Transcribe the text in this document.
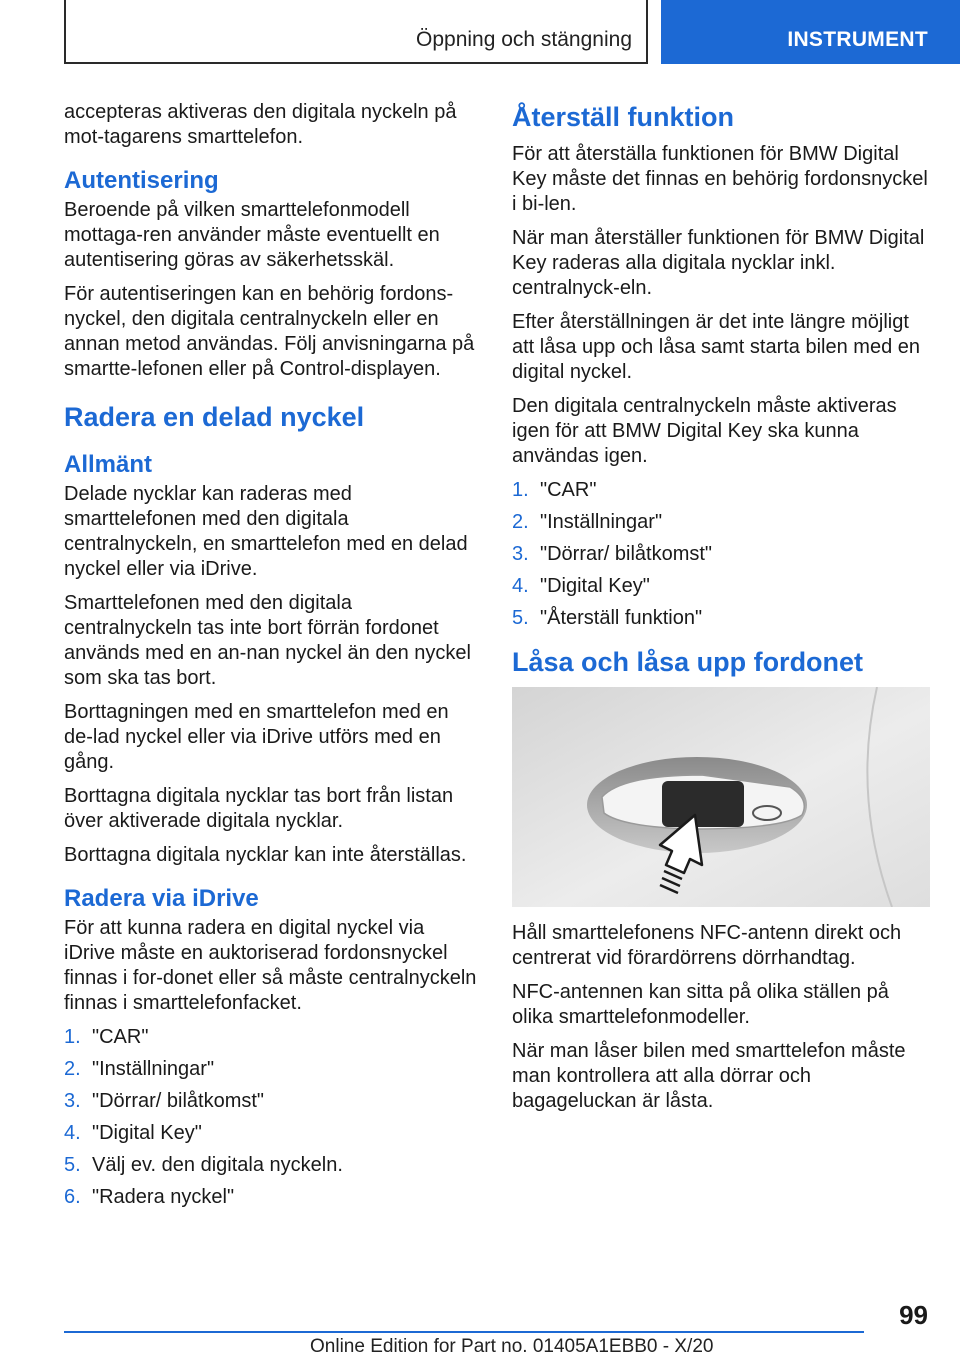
Öppning och stängning	INSTRUMENT

accepteras aktiveras den digitala nyckeln på mot-tagarens smarttelefon.

Autentisering

Beroende på vilken smarttelefonmodell mottaga-ren använder måste eventuellt en autentisering göras av säkerhetsskäl.

För autentiseringen kan en behörig fordons-nyckel, den digitala centralnyckeln eller en annan metod användas. Följ anvisningarna på smartte-lefonen eller på Control-displayen.

Radera en delad nyckel
Allmänt

Delade nycklar kan raderas med smarttelefonen med den digitala centralnyckeln, en smarttelefon med en delad nyckel eller via iDrive.

Smarttelefonen med den digitala centralnyckeln tas inte bort förrän fordonet används med en an-nan nyckel än den nyckel som ska tas bort.

Borttagningen med en smarttelefon med en de-lad nyckel eller via iDrive utförs med en gång.

Borttagna digitala nycklar tas bort från listan över aktiverade digitala nycklar.

Borttagna digitala nycklar kan inte återställas.

Radera via iDrive

För att kunna radera en digital nyckel via iDrive måste en auktoriserad fordonsnyckel finnas i for-donet eller så måste centralnyckeln finnas i smarttelefonfacket.

1. "CAR"
2. "Inställningar"
3. "Dörrar/ bilåtkomst"
4. "Digital Key"
5. Välj ev. den digitala nyckeln.
6. "Radera nyckel"
Återställ funktion

För att återställa funktionen för BMW Digital Key måste det finnas en behörig fordonsnyckel i bi-len.

När man återställer funktionen för BMW Digital Key raderas alla digitala nycklar inkl. centralnyck-eln.

Efter återställningen är det inte längre möjligt att låsa upp och låsa samt starta bilen med en digital nyckel.

Den digitala centralnyckeln måste aktiveras igen för att BMW Digital Key ska kunna användas igen.

1. "CAR"
2. "Inställningar"
3. "Dörrar/ bilåtkomst"
4. "Digital Key"
5. "Återställ funktion"
Låsa och låsa upp fordonet

Håll smarttelefonens NFC-antenn direkt och centrerat vid förardörrens dörrhandtag.

NFC-antennen kan sitta på olika ställen på olika smarttelefonmodeller.

När man låser bilen med smarttelefon måste man kontrollera att alla dörrar och bagageluckan är låsta.

99
Online Edition for Part no. 01405A1EBB0 - X/20
